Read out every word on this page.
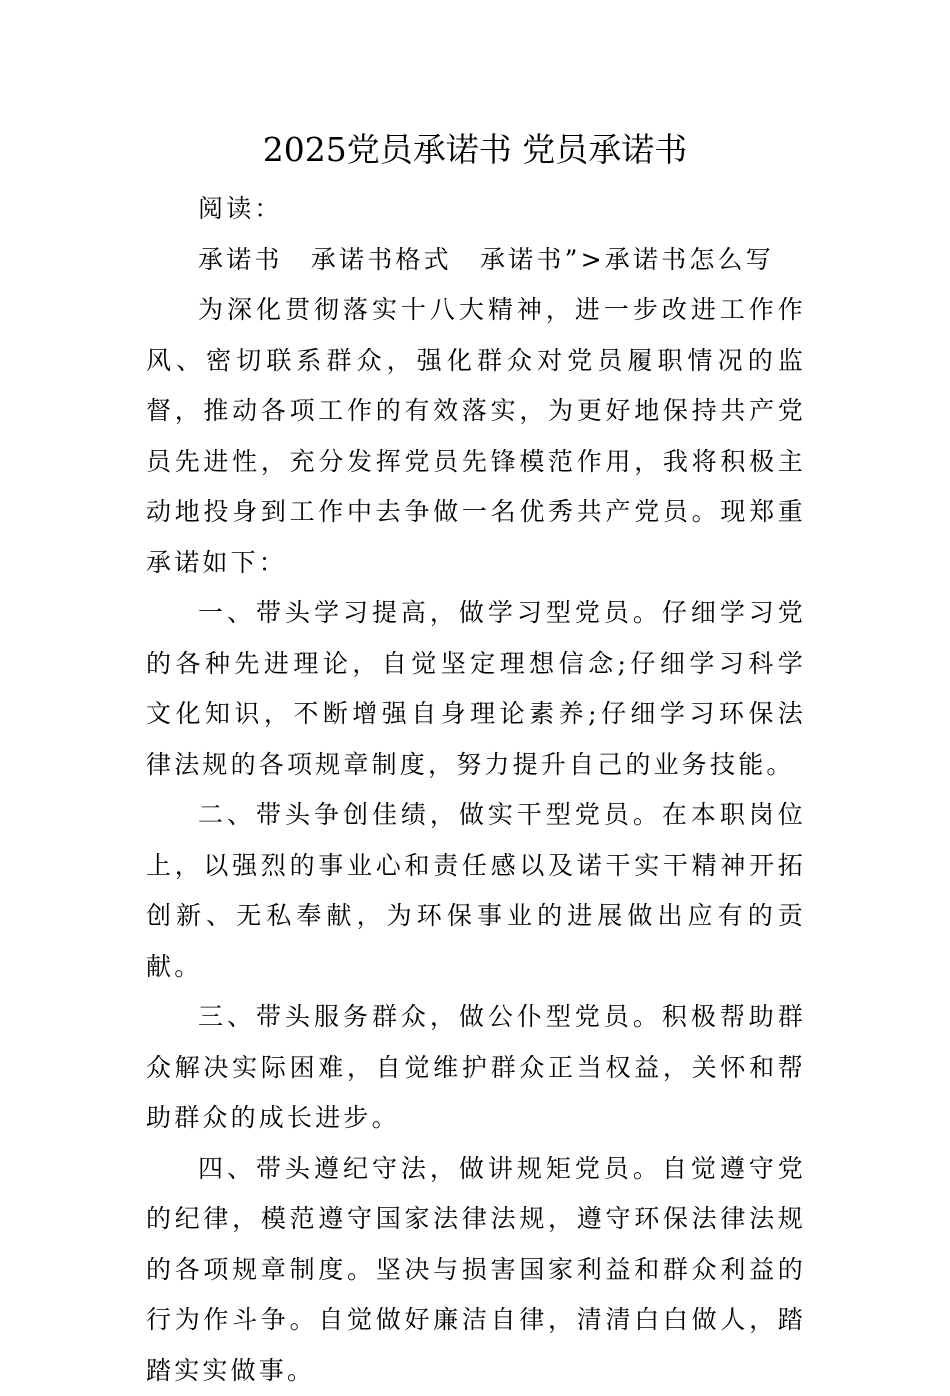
2025党员承诺书 党员承诺书

阅读：

承诺书　承诺书格式　承诺书”>承诺书怎么写

为深化贯彻落实十八大精神，进一步改进工作作风、密切联系群众，强化群众对党员履职情况的监督，推动各项工作的有效落实，为更好地保持共产党员先进性，充分发挥党员先锋模范作用，我将积极主动地投身到工作中去争做一名优秀共产党员。现郑重承诺如下：

一、带头学习提高，做学习型党员。仔细学习党的各种先进理论，自觉坚定理想信念;仔细学习科学文化知识，不断增强自身理论素养;仔细学习环保法律法规的各项规章制度，努力提升自己的业务技能。

二、带头争创佳绩，做实干型党员。在本职岗位上，以强烈的事业心和责任感以及诺干实干精神开拓创新、无私奉献，为环保事业的进展做出应有的贡献。

三、带头服务群众，做公仆型党员。积极帮助群众解决实际困难，自觉维护群众正当权益，关怀和帮助群众的成长进步。

四、带头遵纪守法，做讲规矩党员。自觉遵守党的纪律，模范遵守国家法律法规，遵守环保法律法规的各项规章制度。坚决与损害国家利益和群众利益的行为作斗争。自觉做好廉洁自律，清清白白做人，踏踏实实做事。
